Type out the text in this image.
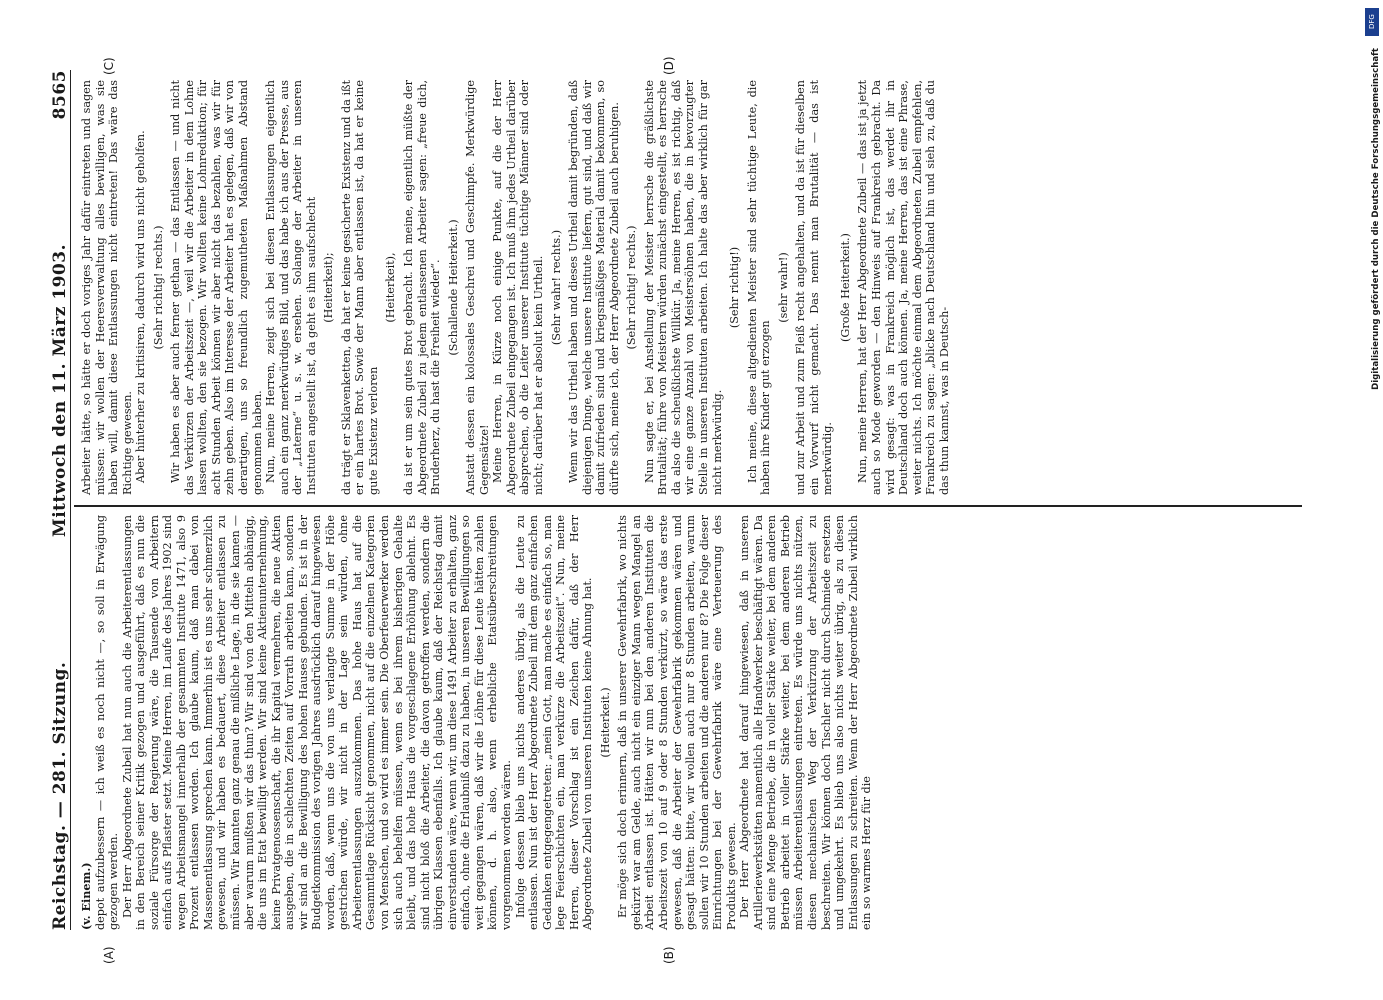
Reichstag. — 281. Sitzung.
Mittwoch den 11. März 1903.
8565
(A)	(B)
(C)	(D)

(v. Einem.) depot aufzubessern — ich weiß es noch nicht —, so soll in Erwägung gezogen werden. Der Herr Abgeordnete Zubeil hat nun auch die Arbeiterentlassungen in den Bereich seiner Kritik gezogen und ausgeführt, daß es nun die soziale Fürsorge der Regierung wäre, die Tausende von Arbeitern einfach aufs Pflaster setzt. Meine Herren, im Laufe des Jahres 1902 sind wegen Arbeitsmangel innerhalb der gesammten Institute 1471, also 9 Prozent entlassen worden. Ich glaube kaum, daß man dabei von Massenentlassung sprechen kann. Immerhin ist es uns sehr schmerzlich gewesen, und wir haben es bedauert, diese Arbeiter entlassen zu müssen. Wir kannten ganz genau die mißliche Lage, in die sie kamen — aber warum mußten wir das thun? Wir sind von den Mitteln abhängig, die uns im Etat bewilligt werden. Wir sind keine Aktienunternehmung, keine Privatgenossenschaft, die ihr Kapital vermehren, die neue Aktien ausgeben, die in schlechten Zeiten auf Vorrath arbeiten kann, sondern wir sind an die Bewilligung des hohen Hauses gebunden. Es ist in der Budgetkommission des vorigen Jahres ausdrücklich darauf hingewiesen worden, daß, wenn uns die von uns verlangte Summe in der Höhe gestrichen würde, wir nicht in der Lage sein würden, ohne Arbeiterentlassungen auszukommen. Das hohe Haus hat auf die Gesammtlage Rücksicht genommen, nicht auf die einzelnen Kategorien von Menschen, und so wird es immer sein. Die Oberfeuerwerker werden sich auch behelfen müssen, wenn es bei ihrem bisherigen Gehalte bleibt, und das hohe Haus die vorgeschlagene Erhöhung ablehnt. Es sind nicht bloß die Arbeiter, die davon getroffen werden, sondern die übrigen Klassen ebenfalls. Ich glaube kaum, daß der Reichstag damit einverstanden wäre, wenn wir, um diese 1491 Arbeiter zu erhalten, ganz einfach, ohne die Erlaubniß dazu zu haben, in unseren Bewilligungen so weit gegangen wären, daß wir die Löhne für diese Leute hätten zahlen können, d. h. also, wenn erhebliche Etatsüberschreitungen vorgenommen worden wären. Infolge dessen blieb uns nichts anderes übrig, als die Leute zu entlassen. Nun ist der Herr Abgeordnete Zubeil mit dem ganz einfachen Gedanken entgegengetreten: „mein Gott, man mache es einfach so, man lege Feierschichten ein, man verkürze die Arbeitszeit“. Nun, meine Herren, dieser Vorschlag ist ein Zeichen dafür, daß der Herr Abgeordnete Zubeil von unseren Instituten keine Ahnung hat. (Heiterkeit.) Er möge sich doch erinnern, daß in unserer Gewehrfabrik, wo nichts gekürzt war am Gelde, auch nicht ein einziger Mann wegen Mangel an Arbeit entlassen ist. Hätten wir nun bei den anderen Instituten die Arbeitszeit von 10 auf 9 oder 8 Stunden verkürzt, so wäre das erste gewesen, daß die Arbeiter der Gewehrfabrik gekommen wären und gesagt hätten: bitte, wir wollen auch nur 8 Stunden arbeiten, warum sollen wir 10 Stunden arbeiten und die anderen nur 8? Die Folge dieser Einrichtungen bei der Gewehrfabrik wäre eine Verteuerung des Produkts gewesen. Der Herr Abgeordnete hat darauf hingewiesen, daß in unseren Artilleriewerkstätten namentlich alle Handwerker beschäftigt wären. Da sind eine Menge Betriebe, die in voller Stärke weiter, bei dem anderen Betrieb arbeitet in voller Stärke weiter, bei dem anderen Betrieb müssen Arbeiterentlassungen eintreten. Es würde uns nichts nützen, diesen mechanischen Weg der Verkürzung der Arbeitszeit zu beschreiten. Wir können doch Tischler nicht durch Schmiede ersetzen und umgekehrt. Es blieb uns also nichts weiter übrig, als zu diesen Entlassungen zu schreiten. Wenn der Herr Abgeordnete Zubeil wirklich ein so warmes Herz für die

Arbeiter hätte, so hätte er doch voriges Jahr dafür eintreten und sagen müssen: wir wollen der Heeresverwaltung alles bewilligen, was sie haben will, damit diese Entlassungen nicht eintreten! Das wäre das Richtige gewesen. Aber hinterher zu kritisiren, dadurch wird uns nicht geholfen. (Sehr richtig! rechts.) Wir haben es aber auch ferner gethan — das Entlassen — und nicht das Verkürzen der Arbeitszeit —, weil wir die Arbeiter in dem Lohne lassen wollten, den sie bezogen. Wir wollten keine Lohnreduktion; für acht Stunden Arbeit können wir aber nicht das bezahlen, was wir für zehn geben. Also im Interesse der Arbeiter hat es gelegen, daß wir von derartigen, uns so freundlich zugemutheten Maßnahmen Abstand genommen haben. Nun, meine Herren, zeigt sich bei diesen Entlassungen eigentlich auch ein ganz merkwürdiges Bild, und das habe ich aus der Presse, aus der „Laterne“ u. s. w. ersehen. Solange der Arbeiter in unseren Instituten angestellt ist, da geht es ihm saufschlecht (Heiterkeit); da trägt er Sklavenketten, da hat er keine gesicherte Existenz und da ißt er ein hartes Brot. Sowie der Mann aber entlassen ist, da hat er keine gute Existenz verloren

(Heiterkeit), da ist er um sein gutes Brot gebracht. Ich meine, eigentlich müßte der Abgeordnete Zubeil zu jedem entlassenen Arbeiter sagen: „freue dich, Bruderherz, du hast die Freiheit wieder“. (Schallende Heiterkeit.) Anstatt dessen ein kolossales Geschrei und Geschimpfe. Merkwürdige Gegensätze! Meine Herren, in Kürze noch einige Punkte, auf die der Herr Abgeordnete Zubeil eingegangen ist. Ich muß ihm jedes Urtheil darüber absprechen, ob die Leiter unserer Institute tüchtige Männer sind oder nicht; darüber hat er absolut kein Urtheil. (Sehr wahr! rechts.) Wenn wir das Urtheil haben und dieses Urtheil damit begründen, daß diejenigen Dinge, welche unsere Institute liefern, gut sind, und daß wir damit zufrieden sind und kriegsmäßiges Material damit bekommen, so dürfte sich, meine ich, der Herr Abgeordnete Zubeil auch beruhigen. (Sehr richtig! rechts.) Nun sagte er, bei Anstellung der Meister herrsche die gräßlichste Brutalität; führe von Meistern würden zunächst eingestellt, es herrsche da also die scheußlichste Willkür. Ja, meine Herren, es ist richtig, daß wir eine ganze Anzahl von Meistersöhnen haben, die in bevorzugter Stelle in unseren Instituten arbeiten. Ich halte das aber wirklich für gar nicht merkwürdig.

(Sehr richtig!) Ich meine, diese altgedienten Meister sind sehr tüchtige Leute, die haben ihre Kinder gut erzogen

(sehr wahr!) und zur Arbeit und zum Fleiß recht angehalten, und da ist für dieselben ein Vorwurf nicht gemacht. Das nennt man Brutalität — das ist merkwürdig.

(Große Heiterkeit.) Nun, meine Herren, hat der Herr Abgeordnete Zubeil — das ist ja jetzt auch so Mode geworden — den Hinweis auf Frankreich gebracht. Da wird gesagt: was in Frankreich möglich ist, das werdet ihr in Deutschland doch auch können. Ja, meine Herren, das ist eine Phrase, weiter nichts. Ich möchte einmal dem Abgeordneten Zubeil empfehlen, Frankreich zu sagen: „blicke nach Deutschland hin und sieh zu, daß du das thun kannst, was in Deutsch-

DFG
Digitalisierung gefördert durch die Deutsche Forschungsgemeinschaft
